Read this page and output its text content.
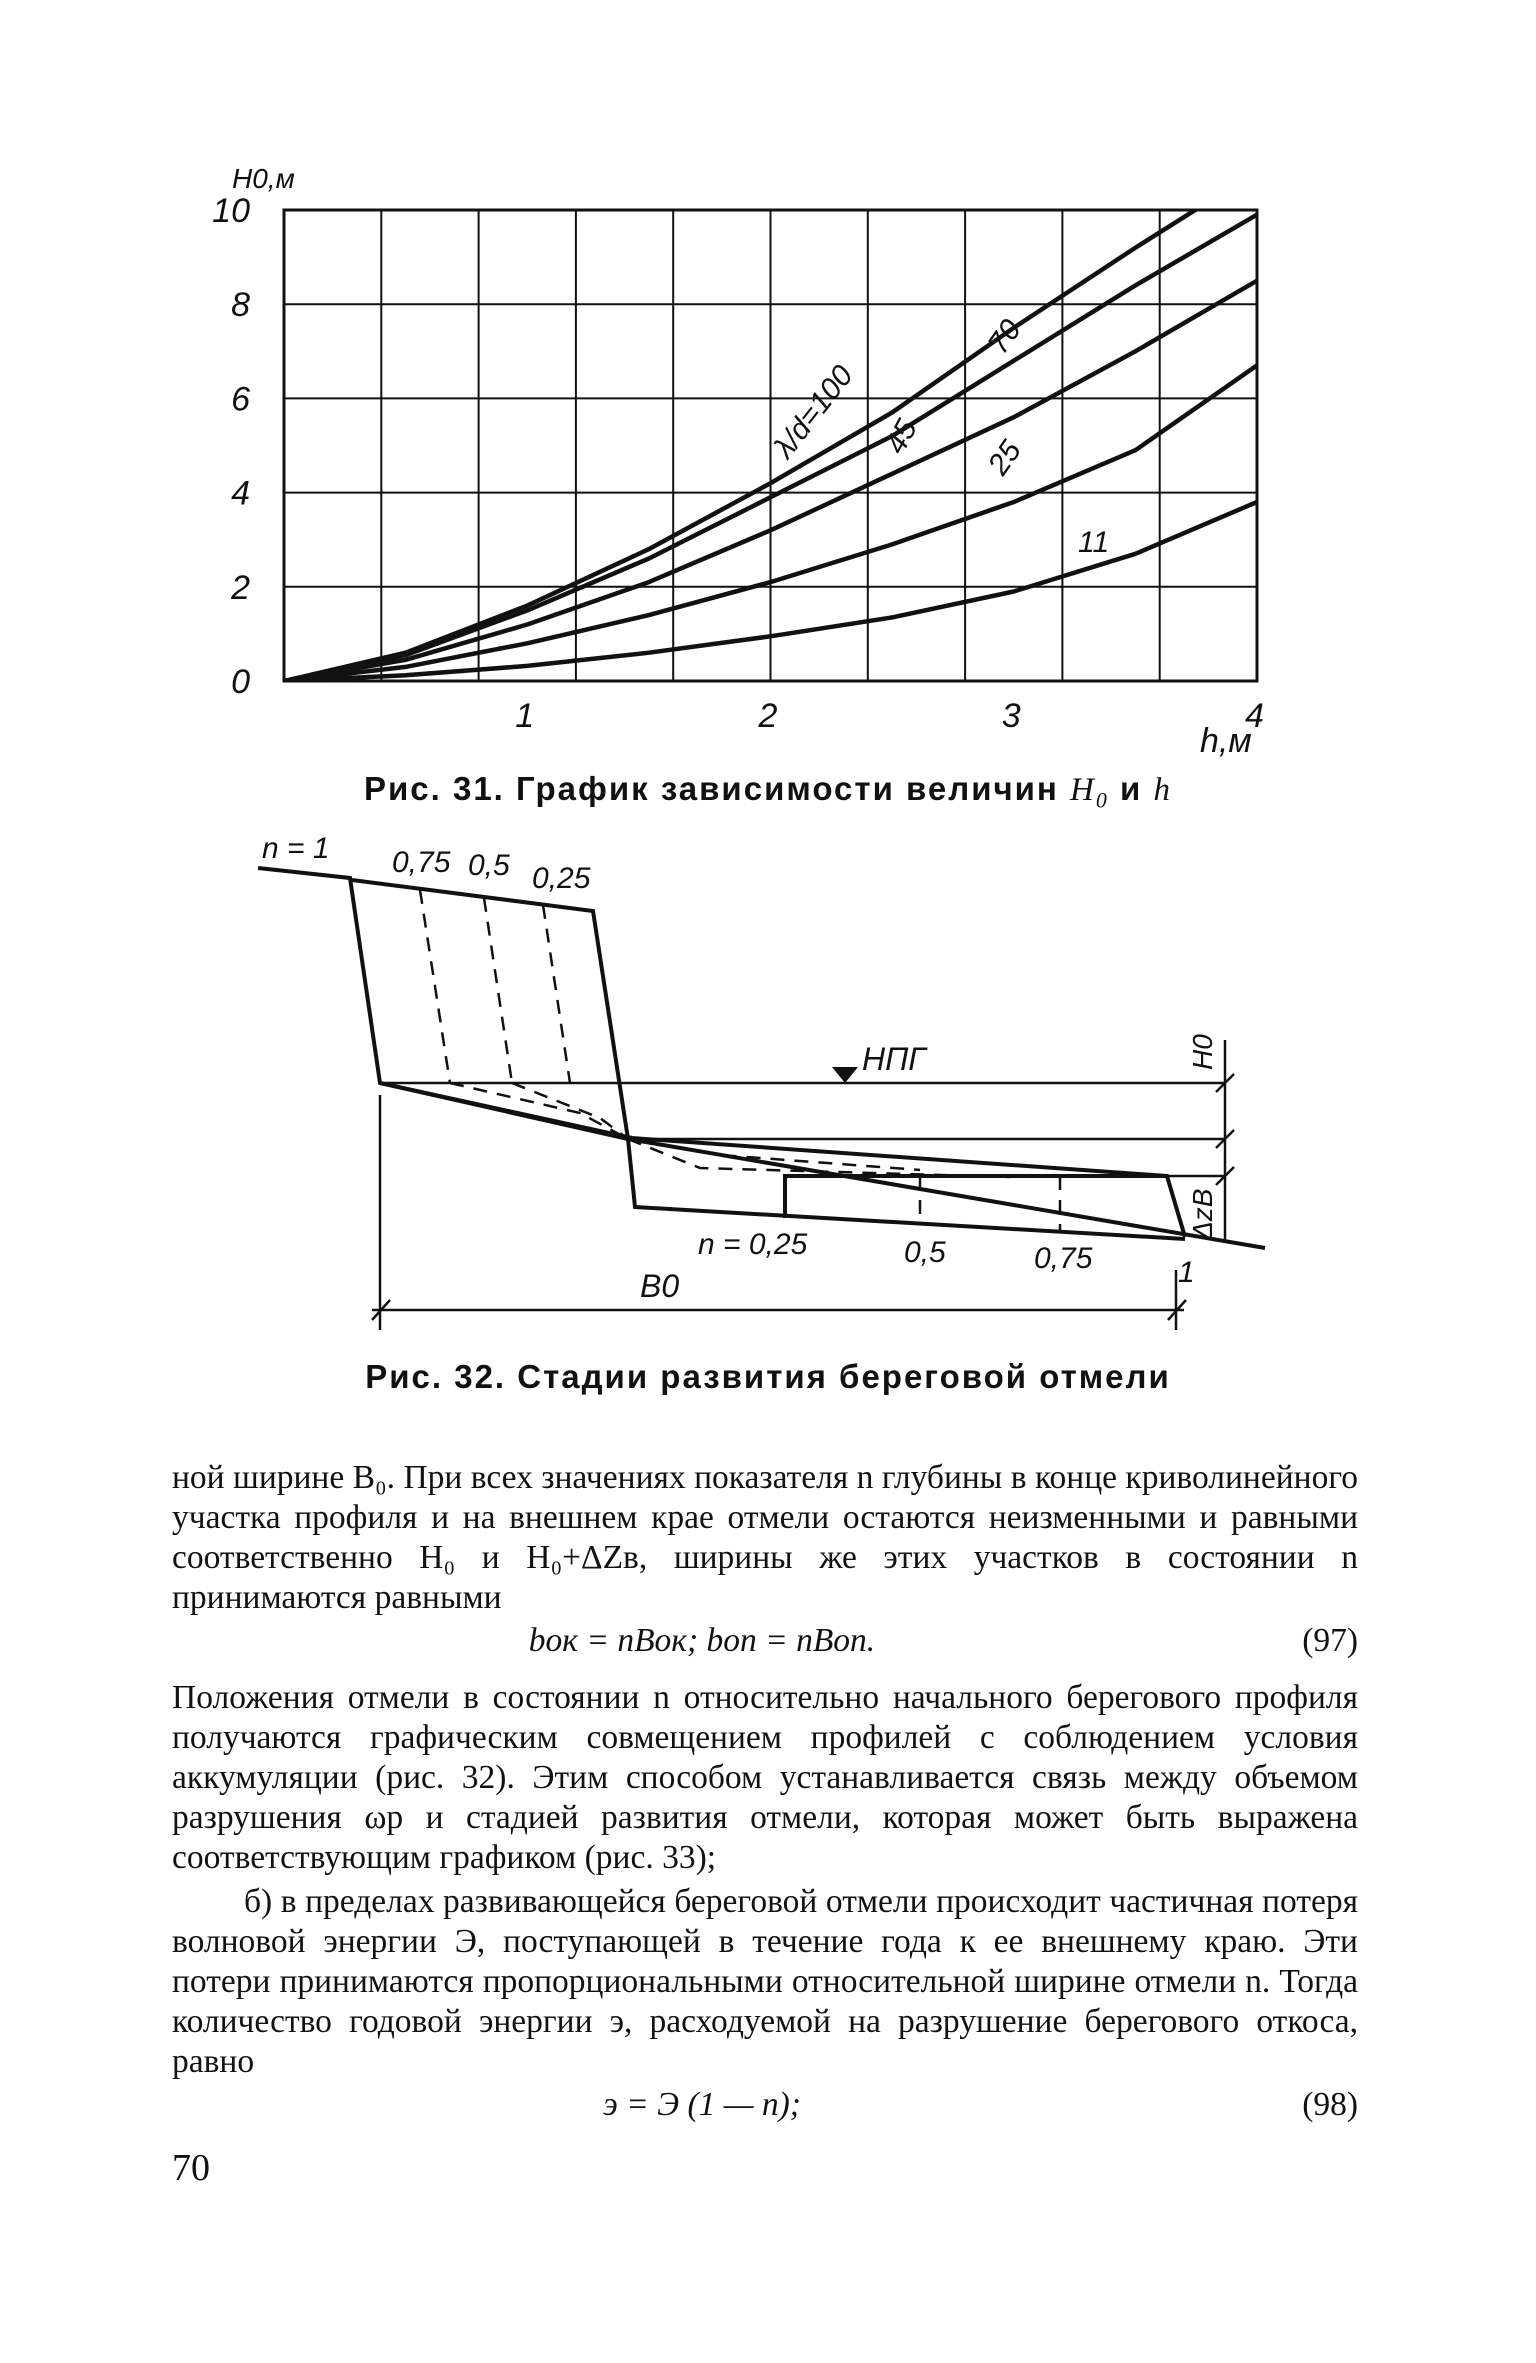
0
2
4
6
8
10
1	2	3	4
H0,м
h,м
λ/d=100
70
45 25
11
Рис. 31. График зависимости величин $H_0$ и h
НПГ	H0
ΔzB
n = 1 0,75 0,5 0,25
n = 0,25	0,5	0,75	1
B0
Рис. 32. Стадии развития береговой отмели

ной ширине B₀. При всех значениях показателя n глубины в конце криволинейного участка профиля и на внешнем крае отмели остаются неизменными и равными соответственно H₀ и H₀+ΔZв, ширины же этих участков в состоянии n принимаются равными

bок = nBок; bоп = nBоп.	(97)

Положения отмели в состоянии n относительно начального берегового профиля получаются графическим совмещением профилей с соблюдением условия аккумуляции (рис. 32). Этим способом устанавливается связь между объемом разрушения ωр и стадией развития отмели, которая может быть выражена соответствующим графиком (рис. 33);

б) в пределах развивающейся береговой отмели происходит частичная потеря волновой энергии Э, поступающей в течение года к ее внешнему краю. Эти потери принимаются пропорциональными относительной ширине отмели n. Тогда количество годовой энергии э, расходуемой на разрушение берегового откоса, равно

э = Э (1 — n);	(98)
70
